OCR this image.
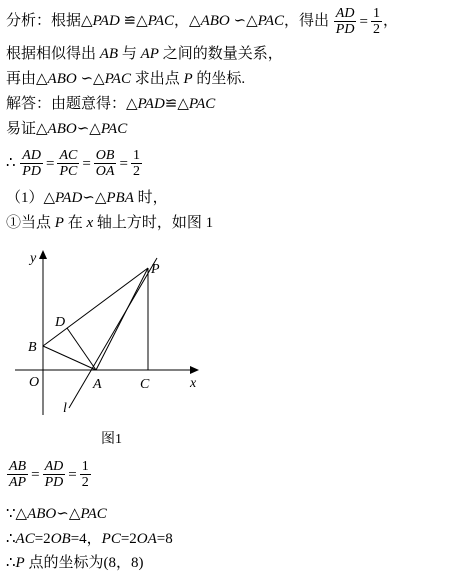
分析：根据△PAD ≌△PAC，△ABO ∽△PAC，得出 $\frac{AD}{PD} = \frac{1}{2}$ ，
根据相似得出 AB 与 AP 之间的数量关系，
再由△ABO ∽△PAC 求出点 P 的坐标.
解答：由题意得：△PAD≌△PAC
易证△ABO∽△PAC
∴ $\frac{AD}{PD} = \frac{AC}{PC} = \frac{OB}{OA} = \frac{1}{2}$
（1）△PAD∽△PBA 时，
①当点 P 在 x 轴上方时，如图 1
y
x
O	A
B
C
D
P
l
图1
$\frac{AB}{AP} = \frac{AD}{PD} = \frac{1}{2}$
∵△ABO∽△PAC
∴AC=2OB=4，PC=2OA=8
∴P 点的坐标为(8，8)
